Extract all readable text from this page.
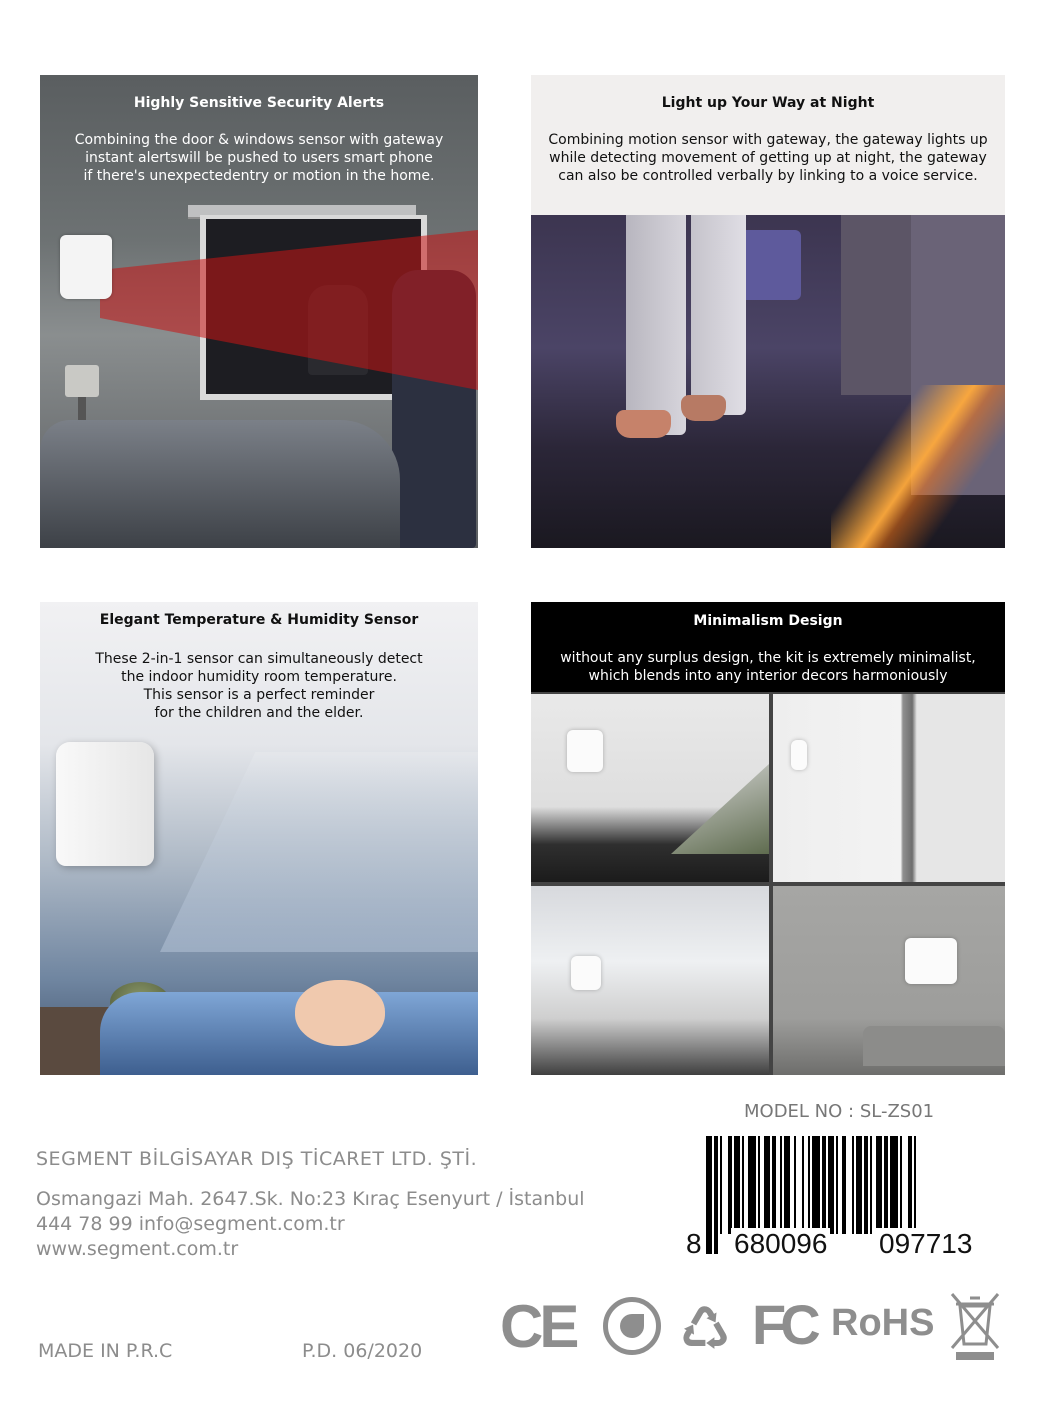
Highly Sensitive Security Alerts
Combining the door & windows sensor with gateway
instant alertswill be pushed to users smart phone
if there's unexpectedentry or motion in the home.
Light up Your Way at Night
Combining motion sensor with gateway, the gateway lights up
while detecting movement of getting up at night, the gateway
can also be controlled verbally by linking to a voice service.
Elegant Temperature & Humidity Sensor
These 2-in-1 sensor can simultaneously detect
the indoor humidity room temperature.
This sensor is a perfect reminder
for the children and the elder.
Minimalism Design
without any surplus design, the kit is extremely minimalist,
which blends into any interior decors harmoniously
MODEL NO : SL-ZS01
SEGMENT BİLGİSAYAR DIŞ TİCARET LTD. ŞTİ.
Osmangazi Mah. 2647.Sk. No:23 Kıraç Esenyurt / İstanbul
444 78 99 info@segment.com.tr
www.segment.com.tr
MADE IN P.R.C	P.D. 06/2020
8 680096 097713
CE ♺ FC RoHS
